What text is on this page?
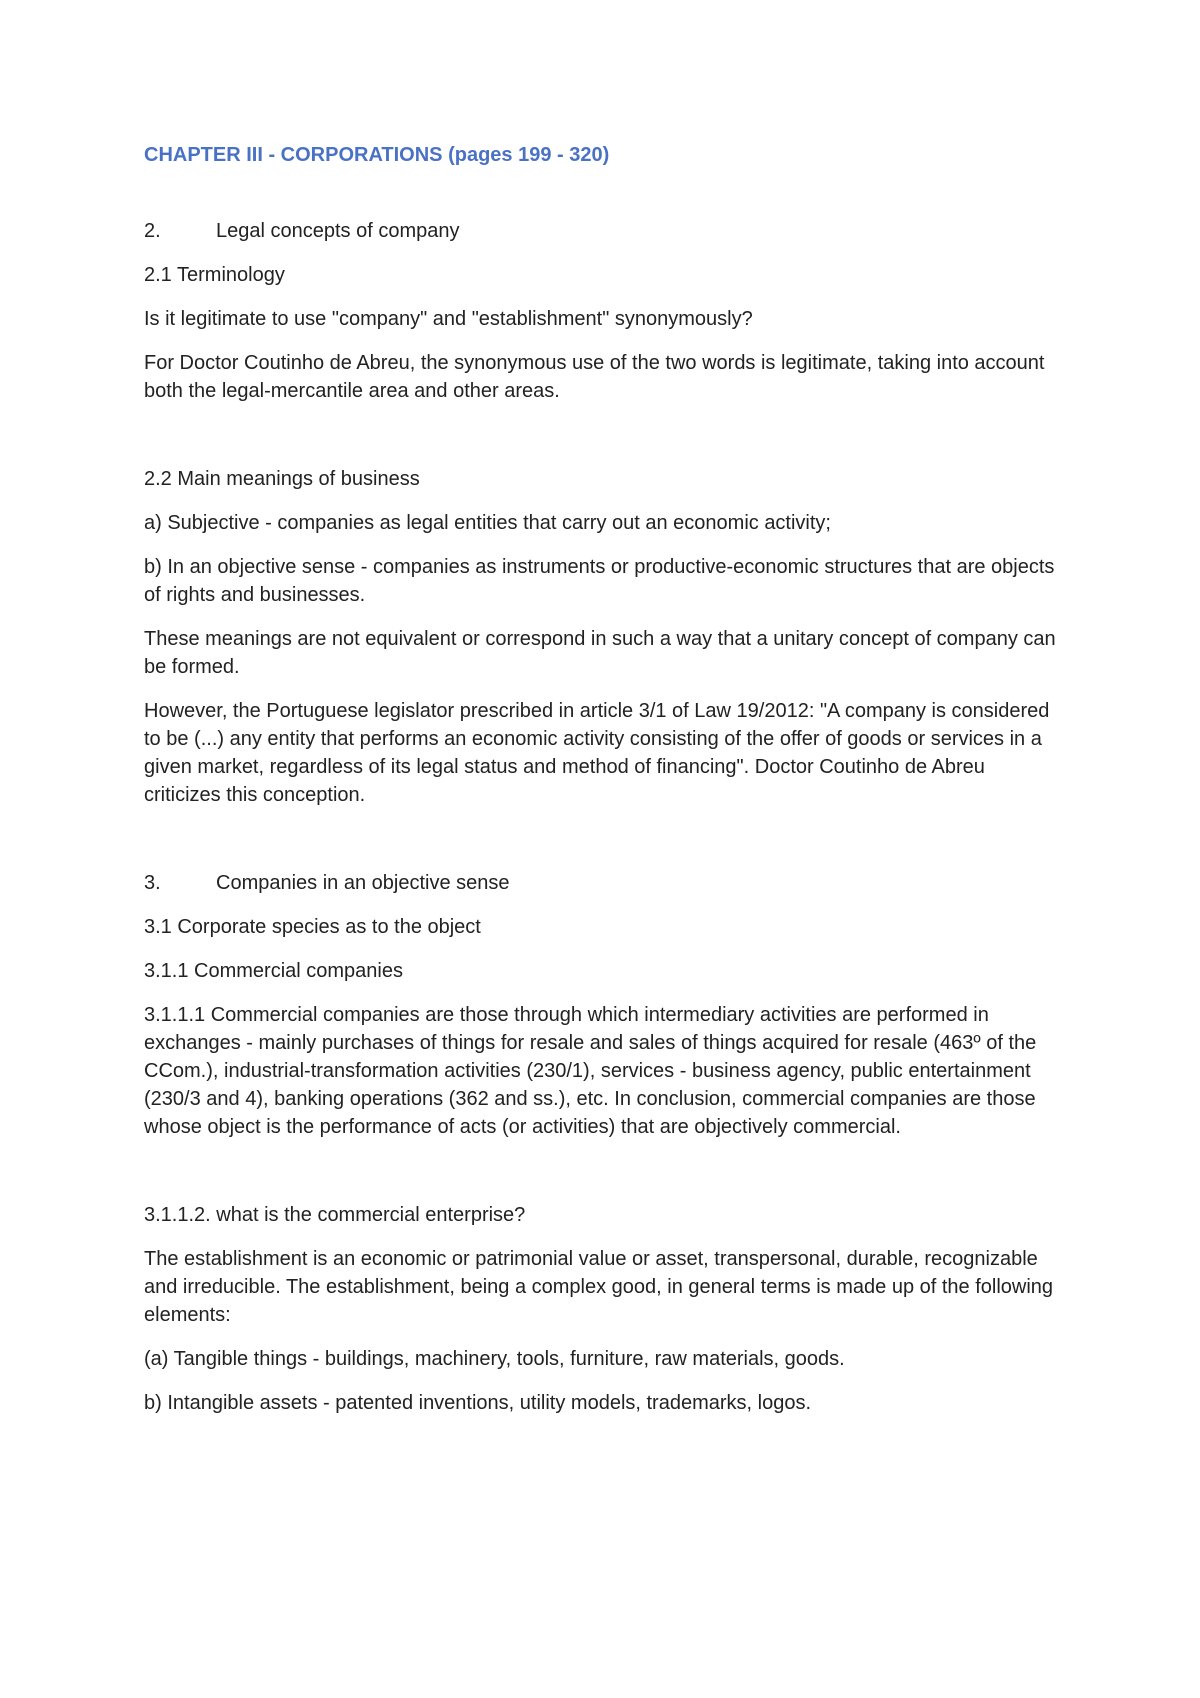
CHAPTER III - CORPORATIONS (pages 199 - 320)
2.	Legal concepts of company
2.1 Terminology
Is it legitimate to use "company" and "establishment" synonymously?
For Doctor Coutinho de Abreu, the synonymous use of the two words is legitimate, taking into account both the legal-mercantile area and other areas.
2.2 Main meanings of business
a) Subjective - companies as legal entities that carry out an economic activity;
b) In an objective sense - companies as instruments or productive-economic structures that are objects of rights and businesses.
These meanings are not equivalent or correspond in such a way that a unitary concept of company can be formed.
However, the Portuguese legislator prescribed in article 3/1 of Law 19/2012: "A company is considered to be (...) any entity that performs an economic activity consisting of the offer of goods or services in a given market, regardless of its legal status and method of financing". Doctor Coutinho de Abreu criticizes this conception.
3.	Companies in an objective sense
3.1 Corporate species as to the object
3.1.1 Commercial companies
3.1.1.1 Commercial companies are those through which intermediary activities are performed in exchanges - mainly purchases of things for resale and sales of things acquired for resale (463º of the CCom.), industrial-transformation activities (230/1), services - business agency, public entertainment (230/3 and 4), banking operations (362 and ss.), etc. In conclusion, commercial companies are those whose object is the performance of acts (or activities) that are objectively commercial.
3.1.1.2. what is the commercial enterprise?
The establishment is an economic or patrimonial value or asset, transpersonal, durable, recognizable and irreducible. The establishment, being a complex good, in general terms is made up of the following elements:
(a) Tangible things - buildings, machinery, tools, furniture, raw materials, goods.
b) Intangible assets - patented inventions, utility models, trademarks, logos.
